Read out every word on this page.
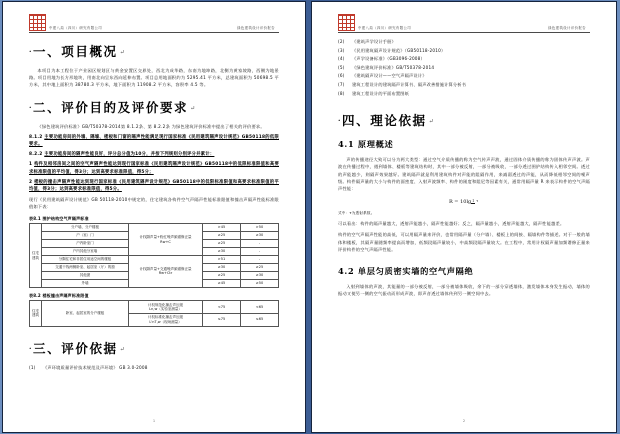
中建八局（四川）研究有限公司	绿色建筑设计评价报告
·一、项目概况 ↵

本项目为本工程位于产业园区规划区与黄金安置区交界处，西北为成华路，东南为地坤路，北侧为黄家坡路，西侧为地景路。项目用地为长方形地块，用南北向呈东西向延伸布置。项目总用地面积约为 5295.41 平方米，总建筑面积为 50698.5 平方米，其中地上面积为 38780.3 平方米，地下面积为 11908.2 平方米，容积率 4.5 等。

·二、评价目的及评价要求 ↵

《绿色建筑评价标准》GB/T50378-2014第 8.1.2条、第 8.2.2条 为绿色建筑评价标准中提出了相关的评价要求。

8.1.2 主要功能房间的外墙、隔墙、楼板和门窗的隔声性能满足现行国家标准《民用建筑隔声设计规范》GB50118的低限要求。

8.2.2 主要功能房间的隔声性能良好，评分总分值为10分，并按下列规则分别评分并累计：

1 构件及相邻房间之间的空气声隔声性能达到现行国家标准《民用建筑隔声设计规范》GB50118中的低限标准限值和高要求标准限值的平均值，得3分；达到高要求标准限值，得5分；

2 楼板的撞击声隔声性能达到现行国家标准《民用建筑隔声设计规范》GB50118中的低限标准限值和高要求标准限值的平均值，得3分；达到高要求标准限值，得5分。

现行《民用建筑隔声设计规范》GB 50118-2010中规定的，住宅建筑各构件空气声隔声性能标准限值和撞击声隔声性能标准限值如下表：

表8.1 围护结构空气声隔声标准
住宅建筑	分户墙、分户楼板	计权隔声量+粉红噪声频谱修正量
Rw+C	>45	>50
	户（室）门		≥25	≥30
	户内卧室门		≥25	-
	户内其他分室墙		≥30	-
	分隔住宅和非居住用途空间的楼板	计权隔声量+交通噪声频谱修正量
Rw+Ctr	>51	-
	交通干线两侧卧室、起居室（厅）的窗		≥30	≥25
	其他窗		≥25	≥30
	外墙		≥45	≥50
表8.2 楼板撞击声隔声标准限值
住宅建筑	卧室、起居室的分户楼板	计权规范化撞击声压级
Ln,w（实验室测量）	<75	<65
		计权标准化撞击声压级
L'nT,w（现场测量）	≤75	≤65
·三、评价依据 ↵
(1) 《声环境质量评价技术规范及声环境》 GB 3.0-2008
1
中建八局（四川）研究有限公司	绿色建筑设计评价报告
(2) 《建筑声学设计手册》
(3) 《民用建筑隔声设计规范》（GB50118-2010）
(4) 《声学设备标准》（GB3096-2008）
(5) 《绿色建筑评价标准》GB/T50378-2014
(6) 《建筑隔声设计——空气声隔声设计》
(7) 建筑工程设计的建筑隔声计算书、隔声改善措施计算分析书
(8) 建筑工程设计的平面布置图纸
·四、理论依据 ↵
4.1 原理概述

声的传播途径大致可以分为两大类型：通过空气介质传播的称为空气传声声波，通过固体介质传播的称为固体传声声波。声波在传播过程中，遇到墙体、楼板等建筑结构时，其中一部分被反射，一部分被吸收，一部分透过围护结构传入相邻空间。透过的声能越少，则隔声效果越好。建筑隔声就是利用建筑构件对声能的阻隔作用，来减弱透过的声能，从而降低相邻空间的噪声级。构件隔声量的大小与构件的面密度、入射声波频率、构件的刚度和阻尼等因素有关，通常用隔声量 R 来表示构件的空气声隔声性能：

R = 10lg1 τ
式中：τ为透射系数。

可以看出：构件的隔声量越大，透射声能越小，隔声性能越好；反之，隔声量越小，透射声能越大，隔声性能越差。

构件的空气声隔声性能的高低，可以用隔声量来评价，也常用隔声量（分户墙）、楼板上的间接、隔墙构件等描述。对于一般的墙体和楼板，其隔声量随频率提高而增加，低频段隔声量较小，中高频段隔声量较大。在工程中，常用计权隔声量加频谱修正量来评价构件的空气声隔声性能。

4.2 单层匀质密实墙的空气声隔绝

入射到墙体的声波，其能量的一部分被反射，一部分被墙体吸收，余下的一部分穿透墙体，激发墙体本身发生振动，墙体的振动又使另一侧的空气振动而形成声波，即声音透过墙体传到另一侧空间中去。

2
